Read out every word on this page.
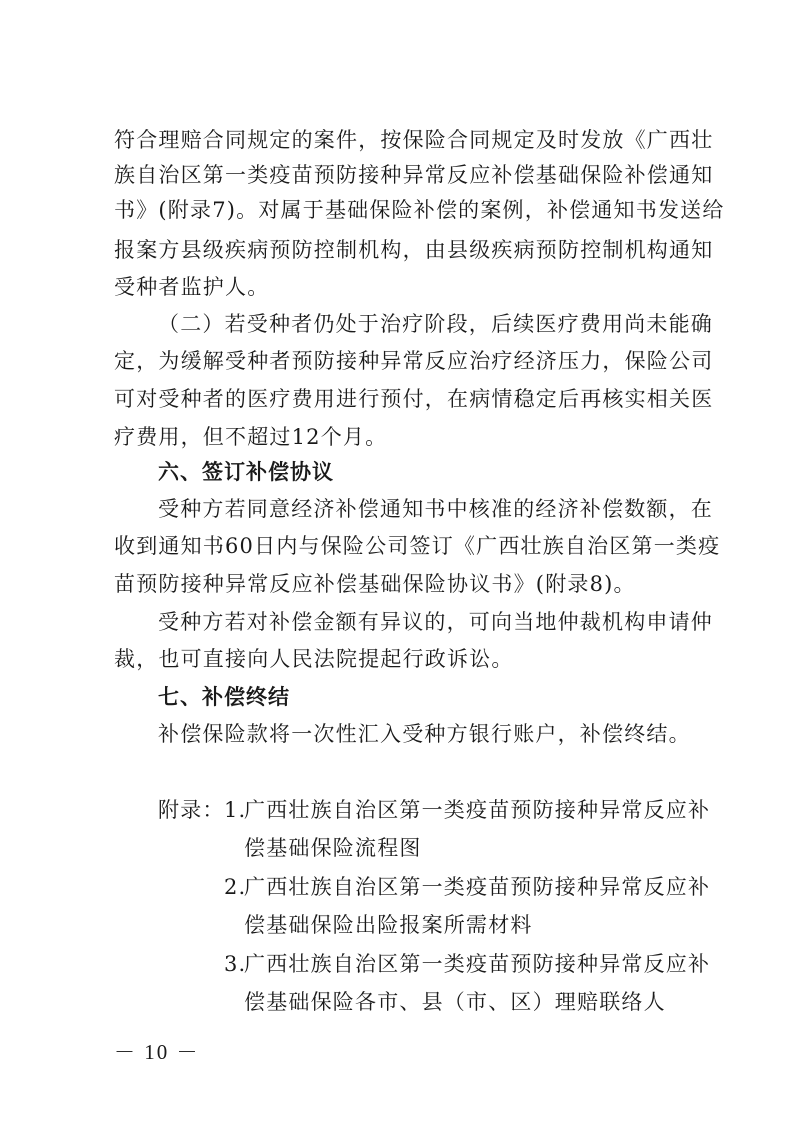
符合理赔合同规定的案件，按保险合同规定及时发放《广西壮
族自治区第一类疫苗预防接种异常反应补偿基础保险补偿通知
书》(附录7)。对属于基础保险补偿的案例，补偿通知书发送给
报案方县级疾病预防控制机构，由县级疾病预防控制机构通知
受种者监护人。
（二）若受种者仍处于治疗阶段，后续医疗费用尚未能确
定，为缓解受种者预防接种异常反应治疗经济压力，保险公司
可对受种者的医疗费用进行预付，在病情稳定后再核实相关医
疗费用，但不超过12个月。
六、签订补偿协议
受种方若同意经济补偿通知书中核准的经济补偿数额，在
收到通知书60日内与保险公司签订《广西壮族自治区第一类疫
苗预防接种异常反应补偿基础保险协议书》(附录8)。
受种方若对补偿金额有异议的，可向当地仲裁机构申请仲
裁，也可直接向人民法院提起行政诉讼。
七、补偿终结
补偿保险款将一次性汇入受种方银行账户，补偿终结。
附录： 1.
广西壮族自治区第一类疫苗预防接种异常反应补
偿基础保险流程图
2.
广西壮族自治区第一类疫苗预防接种异常反应补
偿基础保险出险报案所需材料
3.
广西壮族自治区第一类疫苗预防接种异常反应补
偿基础保险各市、县（市、区）理赔联络人
－ 10 －
